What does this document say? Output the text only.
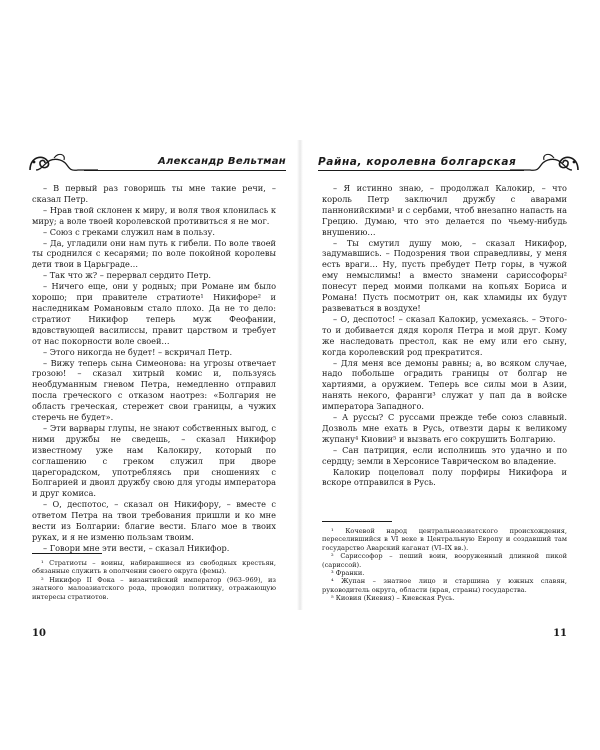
Александр Вельтман

– В первый раз говоришь ты мне такие речи, – сказал Петр.

– Нрав твой склонен к миру, и воля твоя клонилась к миру; а воле твоей королевской противиться я не мог.

– Союз с греками служил нам в пользу.

– Да, угладили они нам путь к гибели. По воле твоей ты сроднился с кесарями; по воле покойной королевы дети твои в Царьграде…

– Так что ж? – перервал сердито Петр.

– Ничего еще, они у родных; при Романе им было хорошо; при правителе стратиоте¹ Никифоре² и наследникам Романовым стало плохо. Да не то дело: стратиот Никифор теперь муж Феофании, вдовствующей василиссы, правит царством и требует от нас покорности воле своей…

– Этого никогда не будет! – вскричал Петр.

– Вижу теперь сына Симеонова: на угрозы отвечает грозою! – сказал хитрый комис и, пользуясь необдуманным гневом Петра, немедленно отправил посла греческого с отказом наотрез: «Болгария не область греческая, стережет свои границы, а чужих стеречь не будет».

– Эти варвары глупы, не знают собственных выгод, с ними дружбы не сведешь, – сказал Никифор известному уже нам Калокиру, который по соглашению с греком служил при дворе царегорадском, употребляясь при сношениях с Болгарией и двоил дружбу свою для угоды императора и друг комиса.

– О, деспотос, – сказал он Никифору, – вместе с ответом Петра на твои требования пришли и ко мне вести из Болгарии: благие вести. Благо мое в твоих руках, и я не изменю пользам твоим.

– Говори мне эти вести, – сказал Никифор.

¹ Стратиоты – воины, набиравшиеся из свободных крестьян, обязанные служить в ополчении своего округа (фемы).

² Никифор II Фока – византийский император (963–969), из знатного малоазиатского рода, проводил политику, отражающую интересы стратиотов.

10
Райна, королевна болгарская

– Я истинно знаю, – продолжал Калокир, – что король Петр заключил дружбу с аварами паннонийскими¹ и с сербами, чтоб внезапно напасть на Грецию. Думаю, что это делается по чьему-нибудь внушению…

– Ты смутил душу мою, – сказал Никифор, задумавшись. – Подозрения твои справедливы, у меня есть враги… Ну, пусть пребудет Петр горы, в чужой ему немыслимы! а вместо знамени сариссофоры² понесут перед моими полками на копьях Бориса и Романа! Пусть посмотрит он, как хламиды их будут развеваться в воздухе!

– О, деспотос! – сказал Калокир, усмехаясь. – Этого-то и добивается дядя короля Петра и мой друг. Кому же наследовать престол, как не ему или его сыну, когда королевский род прекратится.

– Для меня все демоны равны; а, во всяком случае, надо побольше оградить границы от болгар не хартиями, а оружием. Теперь все силы мои в Азии, нанять некого, фаранги³ служат у пап да в войске императора Западного.

– А руссы? С руссами прежде тебе союз славный. Дозволь мне ехать в Русь, отвезти дары к великому жупану⁴ Киовии⁵ и вызвать его сокрушить Болгарию.

– Сан патриция, если исполнишь это удачно и по сердцу; земли в Херсонисе Таврическом во владение.

Калокир поцеловал полу порфиры Никифора и вскоре отправился в Русь.

¹ Кочевой народ центральноазиатского происхождения, переселившийся в VI веке в Центральную Европу и создавший там государство Аварский каганат (VI–IX вв.).

² Сариссофор – пеший воин, вооруженный длинной пикой (сариссой).

³ Франки.

⁴ Жупан – знатное лицо и старшина у южных славян, руководитель округа, области (края, страны) государства.

⁵ Киовия (Киевия) – Киевская Русь.

11
